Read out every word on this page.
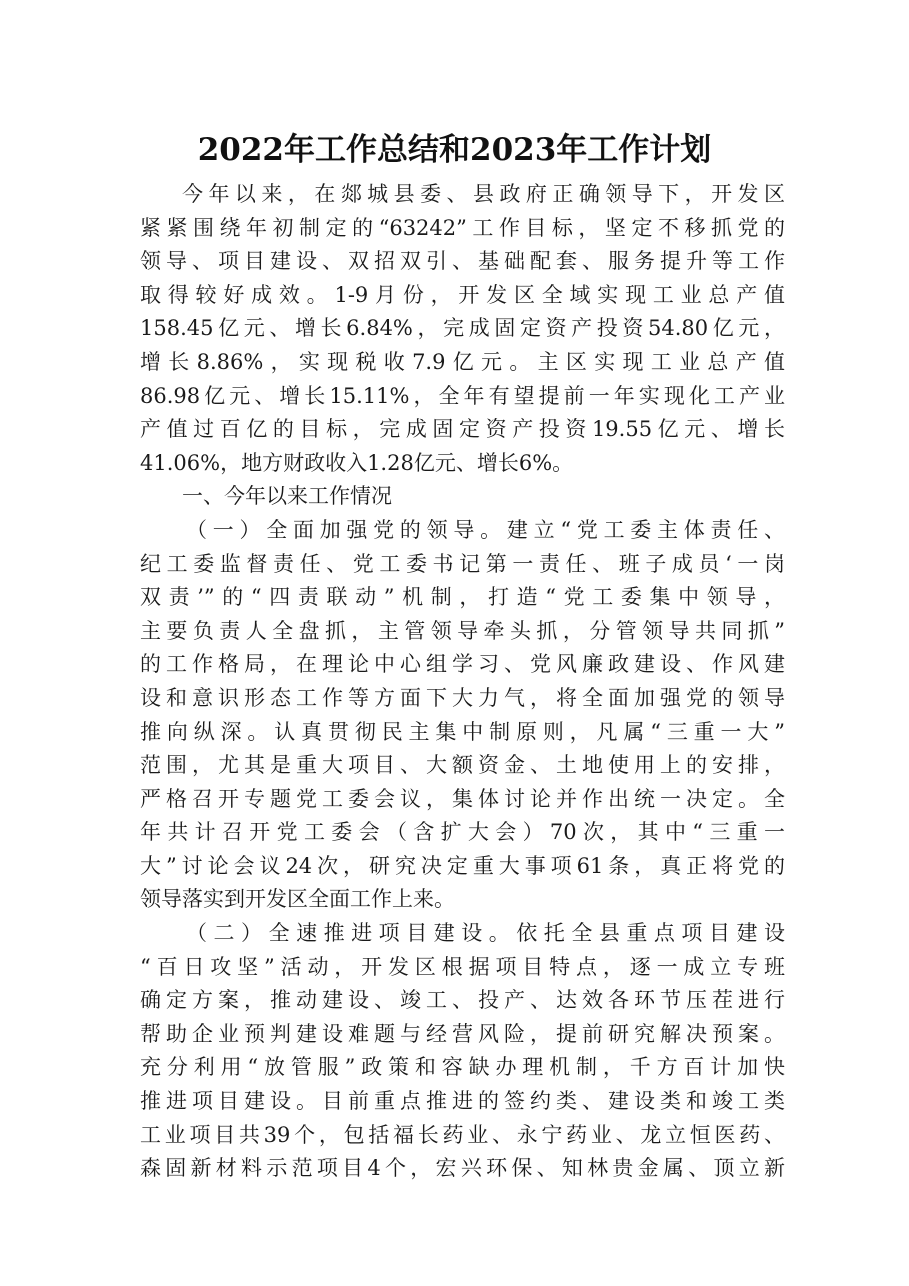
2022年工作总结和2023年工作计划
今年以来，在郯城县委、县政府正确领导下，开发区
紧紧围绕年初制定的“63242”工作目标，坚定不移抓党的
领导、项目建设、双招双引、基础配套、服务提升等工作
取得较好成效。1-9月份，开发区全域实现工业总产值
158.45亿元、增长6.84%，完成固定资产投资54.80亿元，
增长8.86%，实现税收7.9亿元。主区实现工业总产值
86.98亿元、增长15.11%，全年有望提前一年实现化工产业
产值过百亿的目标，完成固定资产投资19.55亿元、增长
41.06%，地方财政收入1.28亿元、增长6%。
一、今年以来工作情况
（一）全面加强党的领导。建立“党工委主体责任、
纪工委监督责任、党工委书记第一责任、班子成员‘一岗
双责’”的“四责联动”机制，打造“党工委集中领导，
主要负责人全盘抓，主管领导牵头抓，分管领导共同抓”
的工作格局，在理论中心组学习、党风廉政建设、作风建
设和意识形态工作等方面下大力气，将全面加强党的领导
推向纵深。认真贯彻民主集中制原则，凡属“三重一大”
范围，尤其是重大项目、大额资金、土地使用上的安排，
严格召开专题党工委会议，集体讨论并作出统一决定。全
年共计召开党工委会（含扩大会）70次，其中“三重一
大”讨论会议24次，研究决定重大事项61条，真正将党的
领导落实到开发区全面工作上来。
（二）全速推进项目建设。依托全县重点项目建设
“百日攻坚”活动，开发区根据项目特点，逐一成立专班
确定方案，推动建设、竣工、投产、达效各环节压茬进行
帮助企业预判建设难题与经营风险，提前研究解决预案。
充分利用“放管服”政策和容缺办理机制，千方百计加快
推进项目建设。目前重点推进的签约类、建设类和竣工类
工业项目共39个，包括福长药业、永宁药业、龙立恒医药、
森固新材料示范项目4个，宏兴环保、知林贵金属、顶立新
